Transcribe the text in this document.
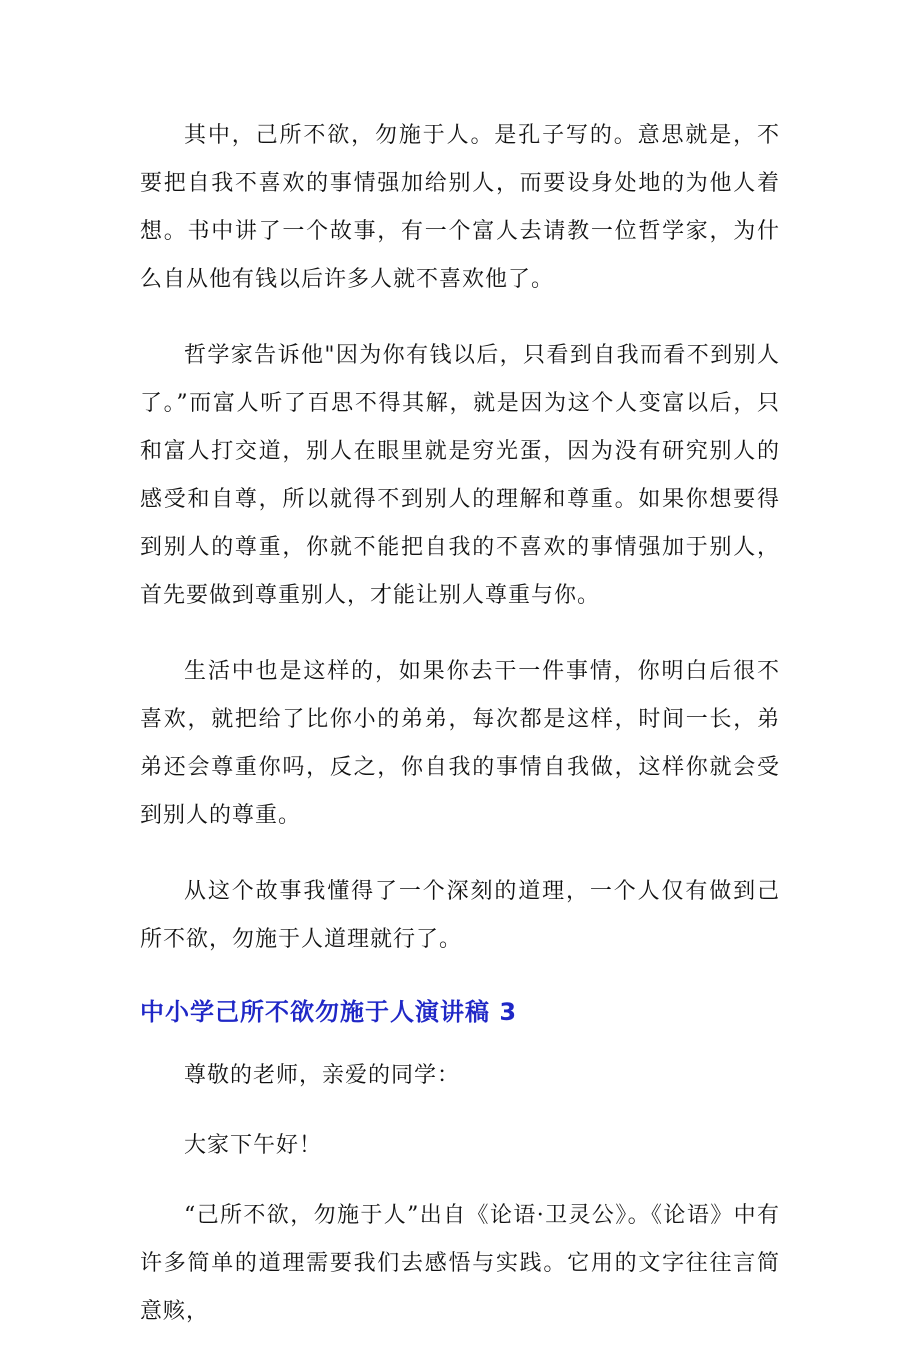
其中，己所不欲，勿施于人。是孔子写的。意思就是，不要把自我不喜欢的事情强加给别人，而要设身处地的为他人着想。书中讲了一个故事，有一个富人去请教一位哲学家，为什么自从他有钱以后许多人就不喜欢他了。

哲学家告诉他"因为你有钱以后，只看到自我而看不到别人了。”而富人听了百思不得其解，就是因为这个人变富以后，只和富人打交道，别人在眼里就是穷光蛋，因为没有研究别人的感受和自尊，所以就得不到别人的理解和尊重。如果你想要得到别人的尊重，你就不能把自我的不喜欢的事情强加于别人，首先要做到尊重别人，才能让别人尊重与你。

生活中也是这样的，如果你去干一件事情，你明白后很不喜欢，就把给了比你小的弟弟，每次都是这样，时间一长，弟弟还会尊重你吗，反之，你自我的事情自我做，这样你就会受到别人的尊重。

从这个故事我懂得了一个深刻的道理，一个人仅有做到己所不欲，勿施于人道理就行了。

中小学己所不欲勿施于人演讲稿 3

尊敬的老师，亲爱的同学：

大家下午好！

“己所不欲，勿施于人”出自《论语·卫灵公》。《论语》中有许多简单的道理需要我们去感悟与实践。它用的文字往往言简意赅，
